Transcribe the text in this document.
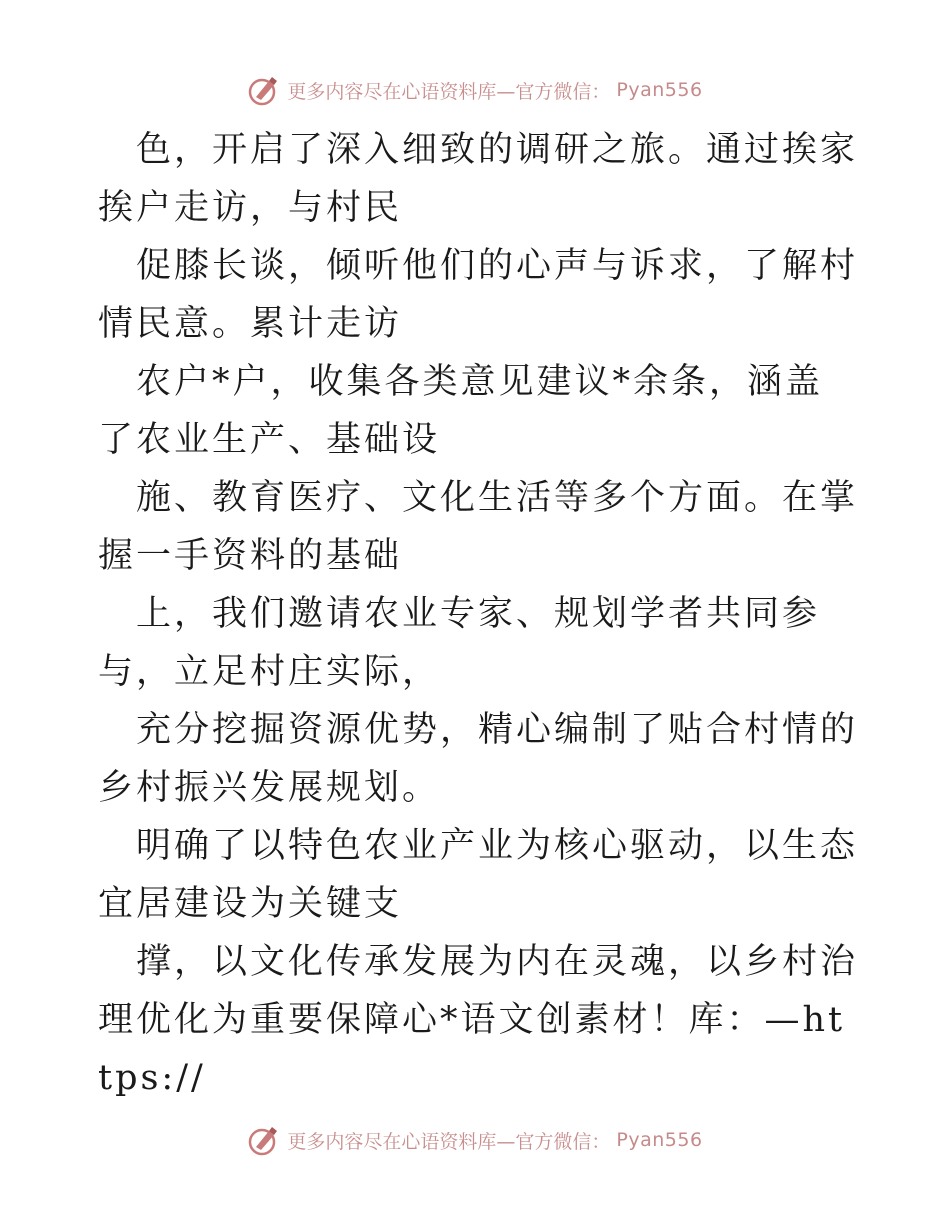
更多内容尽在心语资料库—官方微信： Pyan556

色，开启了深入细致的调研之旅。通过挨家挨户走访，与村民

促膝长谈，倾听他们的心声与诉求，了解村情民意。累计走访

农户*户，收集各类意见建议*余条，涵盖了农业生产、基础设

施、教育医疗、文化生活等多个方面。在掌握一手资料的基础

上，我们邀请农业专家、规划学者共同参与，立足村庄实际，

充分挖掘资源优势，精心编制了贴合村情的乡村振兴发展规划。

明确了以特色农业产业为核心驱动，以生态宜居建设为关键支

撑，以文化传承发展为内在灵魂，以乡村治理优化为重要保障心*语文创素材！库：—https://

更多内容尽在心语资料库—官方微信： Pyan556
